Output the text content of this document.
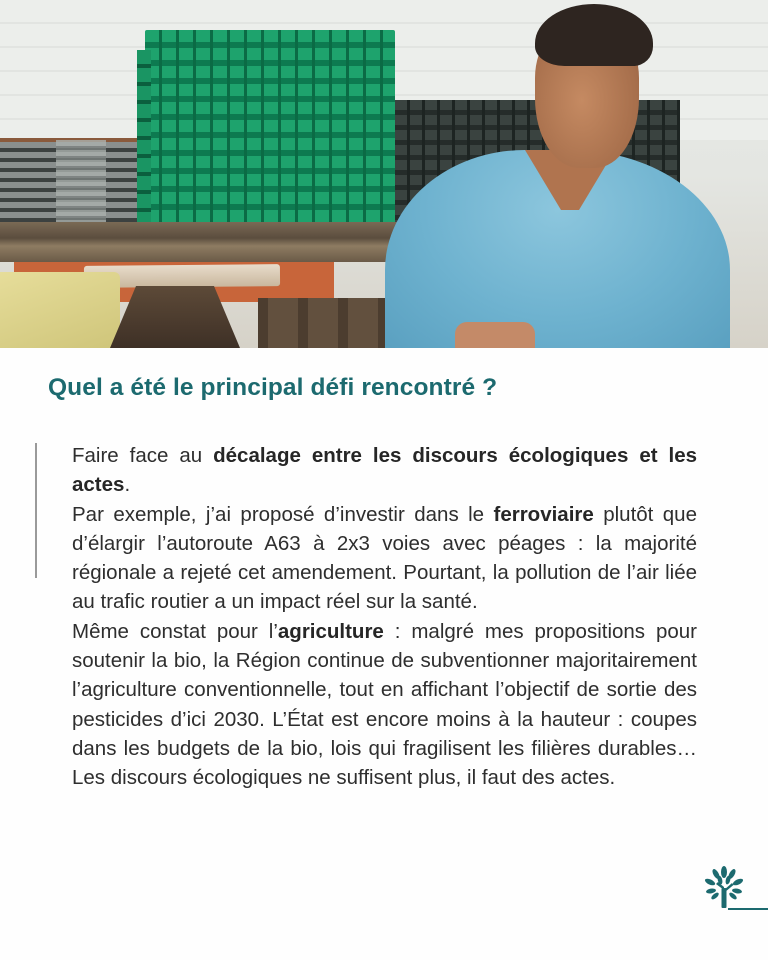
Quel a été le principal défi rencontré ?

Faire face au décalage entre les discours écologiques et les actes.

Par exemple, j’ai proposé d’investir dans le ferroviaire plutôt que d’élargir l’autoroute A63 à 2x3 voies avec péages : la majorité régionale a rejeté cet amendement. Pourtant, la pollution de l’air liée au trafic routier a un impact réel sur la santé.

Même constat pour l’agriculture : malgré mes propositions pour soutenir la bio, la Région continue de subventionner majoritairement l’agriculture conventionnelle, tout en affichant l’objectif de sortie des pesticides d’ici 2030. L’État est encore moins à la hauteur : coupes dans les budgets de la bio, lois qui fragilisent les filières durables… Les discours écologiques ne suffisent plus, il faut des actes.
